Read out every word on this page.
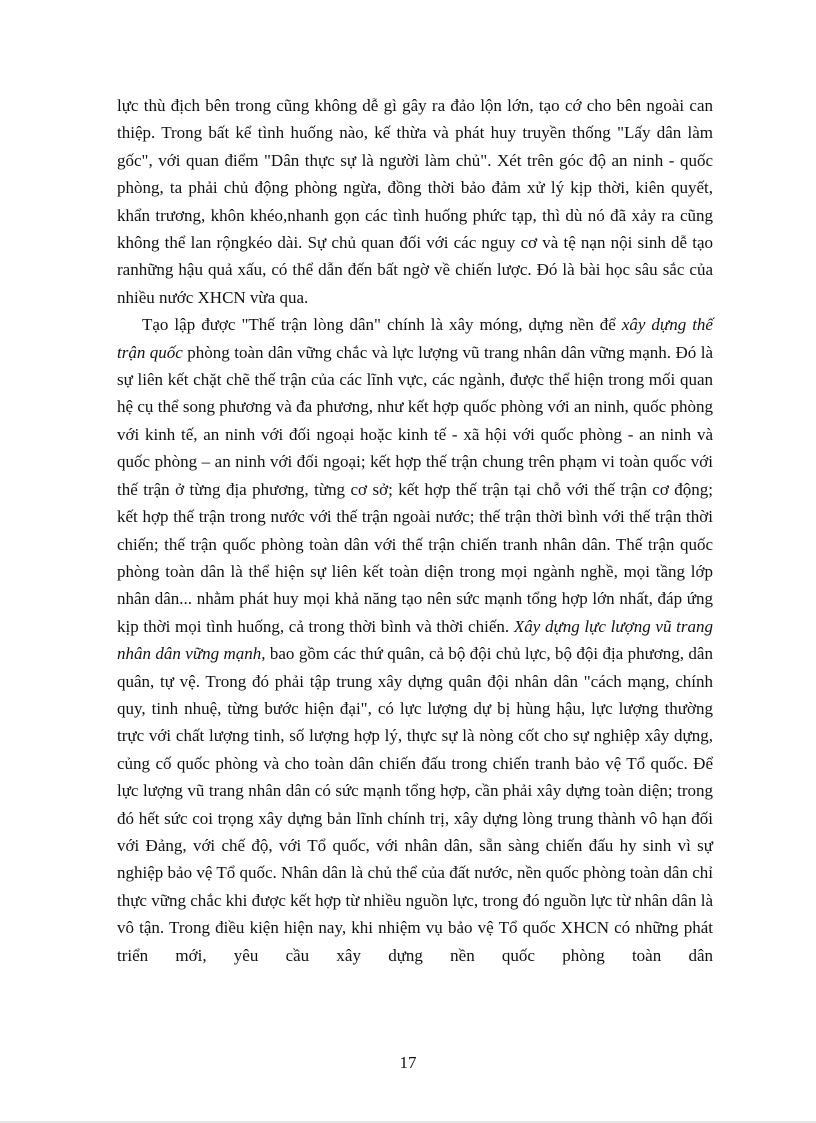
lực thù địch bên trong cũng không dễ gì gây ra đảo lộn lớn, tạo cớ cho bên ngoài can thiệp. Trong bất kể tình huống nào, kế thừa và phát huy truyền thống "Lấy dân làm gốc", với quan điểm "Dân thực sự là người làm chủ". Xét trên góc độ an ninh - quốc phòng, ta phải chủ động phòng ngừa, đồng thời bảo đảm xử lý kịp thời, kiên quyết, khẩn trương, khôn khéo,nhanh gọn các tình huống phức tạp, thì dù nó đã xảy ra cũng không thể lan rộngkéo dài. Sự chủ quan đối với các nguy cơ và tệ nạn nội sinh dễ tạo ranhững hậu quả xấu, có thể dẫn đến bất ngờ về chiến lược. Đó là bài học sâu sắc của nhiều nước XHCN vừa qua.

Tạo lập được "Thế trận lòng dân" chính là xây móng, dựng nền để xây dựng thế trận quốc phòng toàn dân vững chắc và lực lượng vũ trang nhân dân vững mạnh. Đó là sự liên kết chặt chẽ thế trận của các lĩnh vực, các ngành, được thể hiện trong mối quan hệ cụ thể song phương và đa phương, như kết hợp quốc phòng với an ninh, quốc phòng với kinh tế, an ninh với đối ngoại hoặc kinh tế - xã hội với quốc phòng - an ninh và quốc phòng – an ninh với đối ngoại; kết hợp thế trận chung trên phạm vi toàn quốc với thế trận ở từng địa phương, từng cơ sở; kết hợp thế trận tại chỗ với thế trận cơ động; kết hợp thế trận trong nước với thế trận ngoài nước; thế trận thời bình với thế trận thời chiến; thế trận quốc phòng toàn dân với thế trận chiến tranh nhân dân. Thế trận quốc phòng toàn dân là thể hiện sự liên kết toàn diện trong mọi ngành nghề, mọi tầng lớp nhân dân... nhằm phát huy mọi khả năng tạo nên sức mạnh tổng hợp lớn nhất, đáp ứng kịp thời mọi tình huống, cả trong thời bình và thời chiến. Xây dựng lực lượng vũ trang nhân dân vững mạnh, bao gồm các thứ quân, cả bộ đội chủ lực, bộ đội địa phương, dân quân, tự vệ. Trong đó phải tập trung xây dựng quân đội nhân dân "cách mạng, chính quy, tinh nhuệ, từng bước hiện đại", có lực lượng dự bị hùng hậu, lực lượng thường trực với chất lượng tinh, số lượng hợp lý, thực sự là nòng cốt cho sự nghiệp xây dựng, củng cố quốc phòng và cho toàn dân chiến đấu trong chiến tranh bảo vệ Tổ quốc. Để lực lượng vũ trang nhân dân có sức mạnh tổng hợp, cần phải xây dựng toàn diện; trong đó hết sức coi trọng xây dựng bản lĩnh chính trị, xây dựng lòng trung thành vô hạn đối với Đảng, với chế độ, với Tổ quốc, với nhân dân, sẵn sàng chiến đấu hy sinh vì sự nghiệp bảo vệ Tổ quốc. Nhân dân là chủ thể của đất nước, nền quốc phòng toàn dân chỉ thực vững chắc khi được kết hợp từ nhiều nguồn lực, trong đó nguồn lực từ nhân dân là vô tận. Trong điều kiện hiện nay, khi nhiệm vụ bảo vệ Tổ quốc XHCN có những phát triển mới, yêu cầu xây dựng nền quốc phòng toàn dân

17
